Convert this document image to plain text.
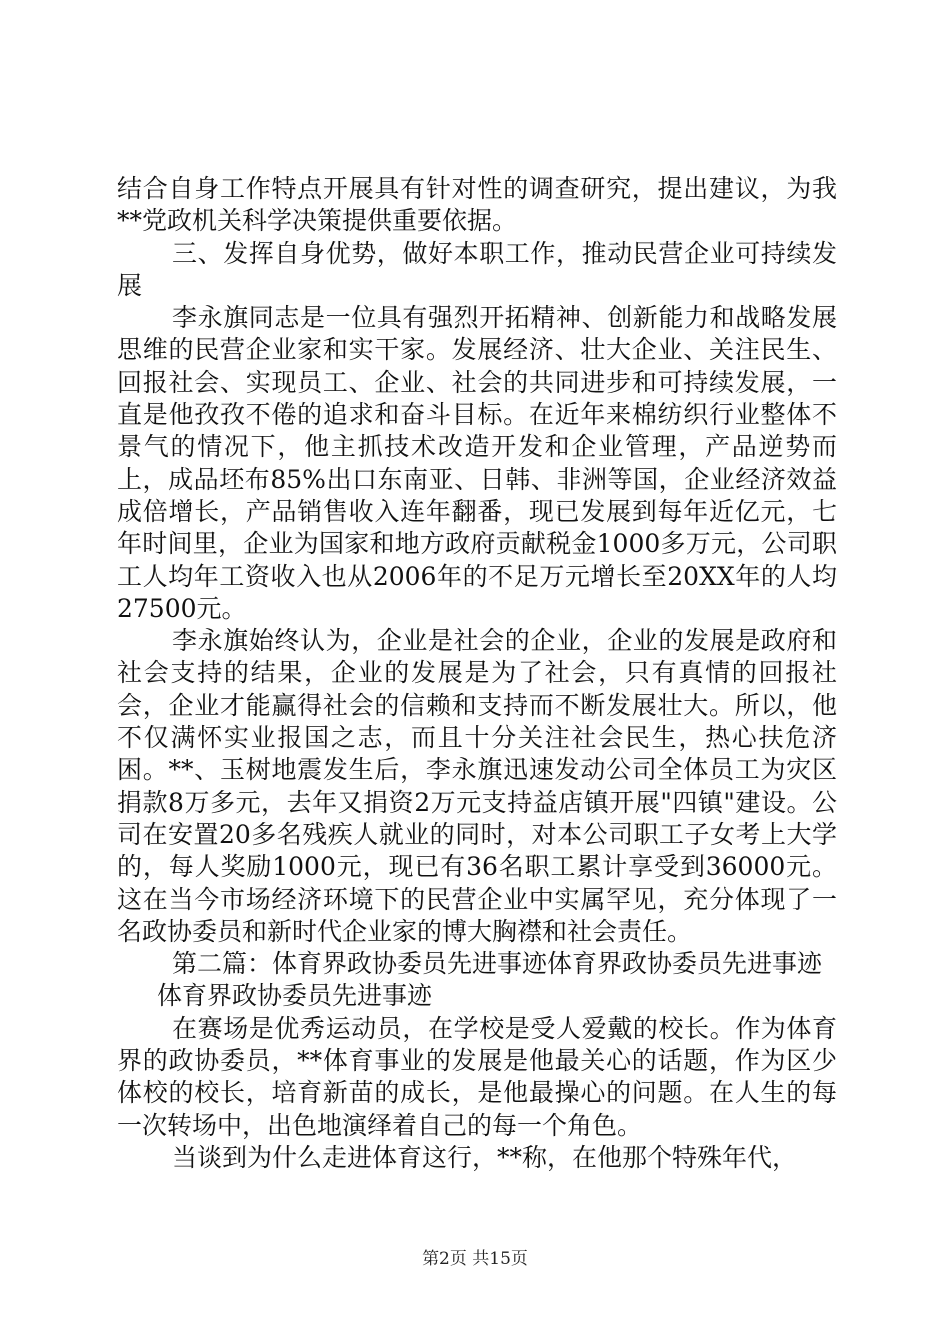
结合自身工作特点开展具有针对性的调查研究，提出建议，为我**党政机关科学决策提供重要依据。

三、发挥自身优势，做好本职工作，推动民营企业可持续发展

李永旗同志是一位具有强烈开拓精神、创新能力和战略发展思维的民营企业家和实干家。发展经济、壮大企业、关注民生、回报社会、实现员工、企业、社会的共同进步和可持续发展，一直是他孜孜不倦的追求和奋斗目标。在近年来棉纺织行业整体不景气的情况下，他主抓技术改造开发和企业管理，产品逆势而上，成品坯布85%出口东南亚、日韩、非洲等国，企业经济效益成倍增长，产品销售收入连年翻番，现已发展到每年近亿元，七年时间里，企业为国家和地方政府贡献税金1000多万元，公司职工人均年工资收入也从2006年的不足万元增长至20XX年的人均27500元。

李永旗始终认为，企业是社会的企业，企业的发展是政府和社会支持的结果，企业的发展是为了社会，只有真情的回报社会，企业才能赢得社会的信赖和支持而不断发展壮大。所以，他不仅满怀实业报国之志，而且十分关注社会民生，热心扶危济困。**、玉树地震发生后，李永旗迅速发动公司全体员工为灾区捐款8万多元，去年又捐资2万元支持益店镇开展"四镇"建设。公司在安置20多名残疾人就业的同时，对本公司职工子女考上大学的，每人奖励1000元，现已有36名职工累计享受到36000元。这在当今市场经济环境下的民营企业中实属罕见，充分体现了一名政协委员和新时代企业家的博大胸襟和社会责任。

第二篇：体育界政协委员先进事迹体育界政协委员先进事迹

体育界政协委员先进事迹

在赛场是优秀运动员，在学校是受人爱戴的校长。作为体育界的政协委员，**体育事业的发展是他最关心的话题，作为区少体校的校长，培育新苗的成长，是他最操心的问题。在人生的每一次转场中，出色地演绎着自己的每一个角色。

当谈到为什么走进体育这行，**称，在他那个特殊年代，

第2页 共15页
